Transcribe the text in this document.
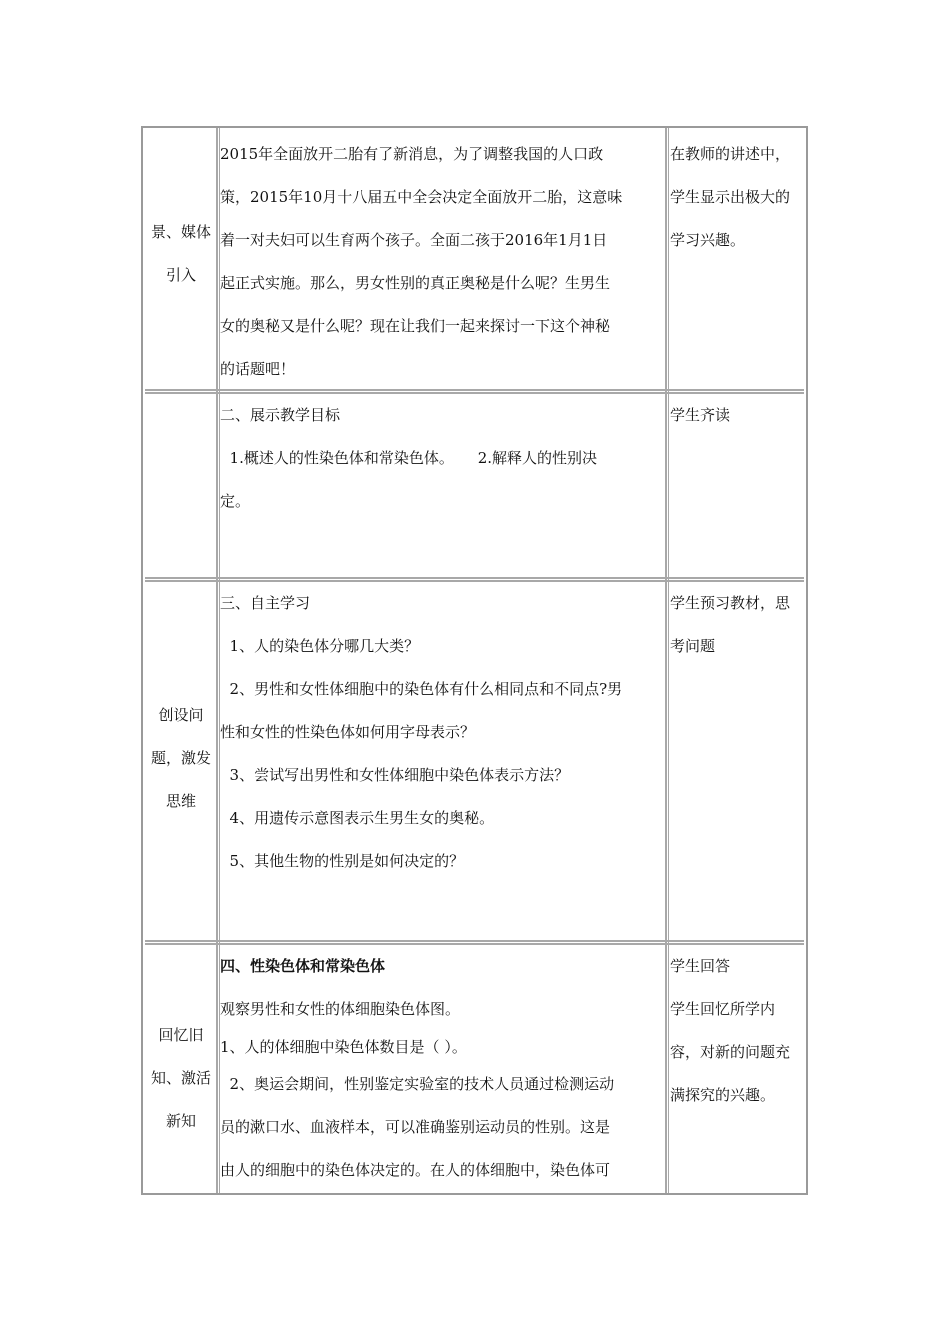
景、媒体
引入
2015年全面放开二胎有了新消息，为了调整我国的人口政
策，2015年10月十八届五中全会决定全面放开二胎，这意味
着一对夫妇可以生育两个孩子。全面二孩于2016年1月1日
起正式实施。那么，男女性别的真正奥秘是什么呢？生男生
女的奥秘又是什么呢？现在让我们一起来探讨一下这个神秘
的话题吧！
在教师的讲述中，
学生显示出极大的
学习兴趣。
二、展示教学目标
1.概述人的性染色体和常染色体。     2.解释人的性别决
定。
学生齐读
创设问
题，激发
思维
三、自主学习
1、人的染色体分哪几大类？
2、男性和女性体细胞中的染色体有什么相同点和不同点?男
性和女性的性染色体如何用字母表示？
3、尝试写出男性和女性体细胞中染色体表示方法？
4、用遗传示意图表示生男生女的奥秘。
5、其他生物的性别是如何决定的？
学生预习教材，思
考问题
回忆旧
知、激活
新知
四、性染色体和常染色体
观察男性和女性的体细胞染色体图。
1、人的体细胞中染色体数目是（ ）。
2、奥运会期间，性别鉴定实验室的技术人员通过检测运动
员的漱口水、血液样本，可以准确鉴别运动员的性别。这是
由人的细胞中的染色体决定的。在人的体细胞中，染色体可
学生回答
学生回忆所学内
容，对新的问题充
满探究的兴趣。
